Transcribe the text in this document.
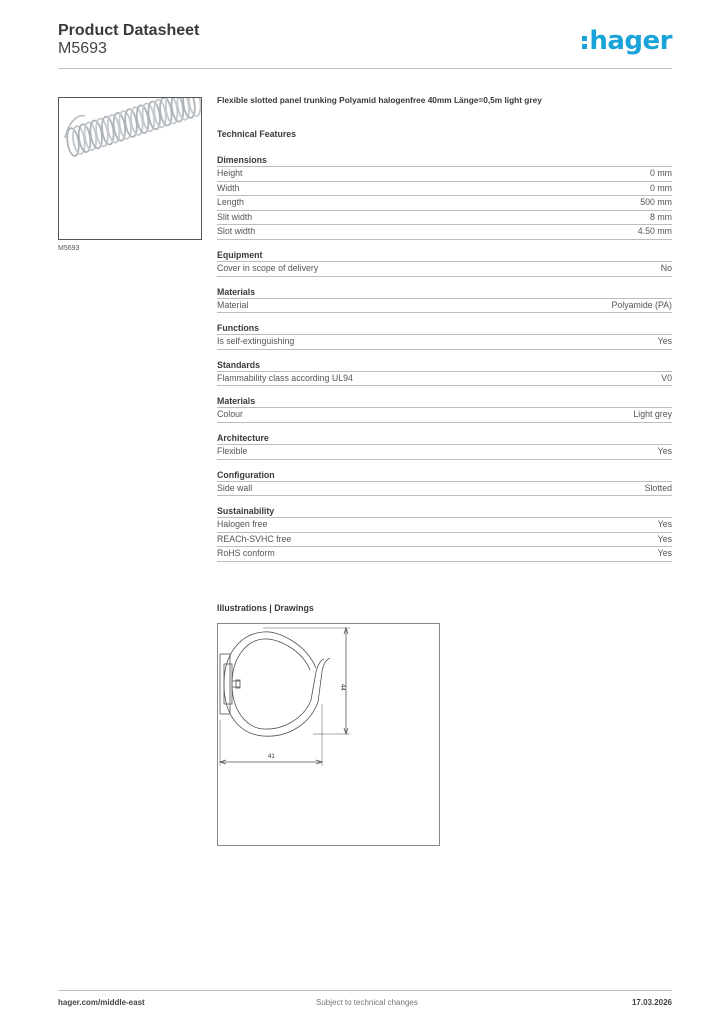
Product Datasheet
M5693	hager
M5693
Flexible slotted panel trunking Polyamid halogenfree 40mm Länge=0,5m light grey
Technical Features
Dimensions
Height	0 mm
Width	0 mm
Length	500 mm
Slit width	8 mm
Slot width	4.50 mm
Equipment
Cover in scope of delivery	No
Materials
Material	Polyamide (PA)
Functions
Is self-extinguishing	Yes
Standards
Flammability class according UL94	V0
Materials
Colour	Light grey
Architecture
Flexible	Yes
Configuration
Side wall	Slotted
Sustainability
Halogen free	Yes
REACh-SVHC free	Yes
RoHS conform	Yes
Illustrations | Drawings
44
41
hager.com/middle-east	Subject to technical changes	17.03.2026
